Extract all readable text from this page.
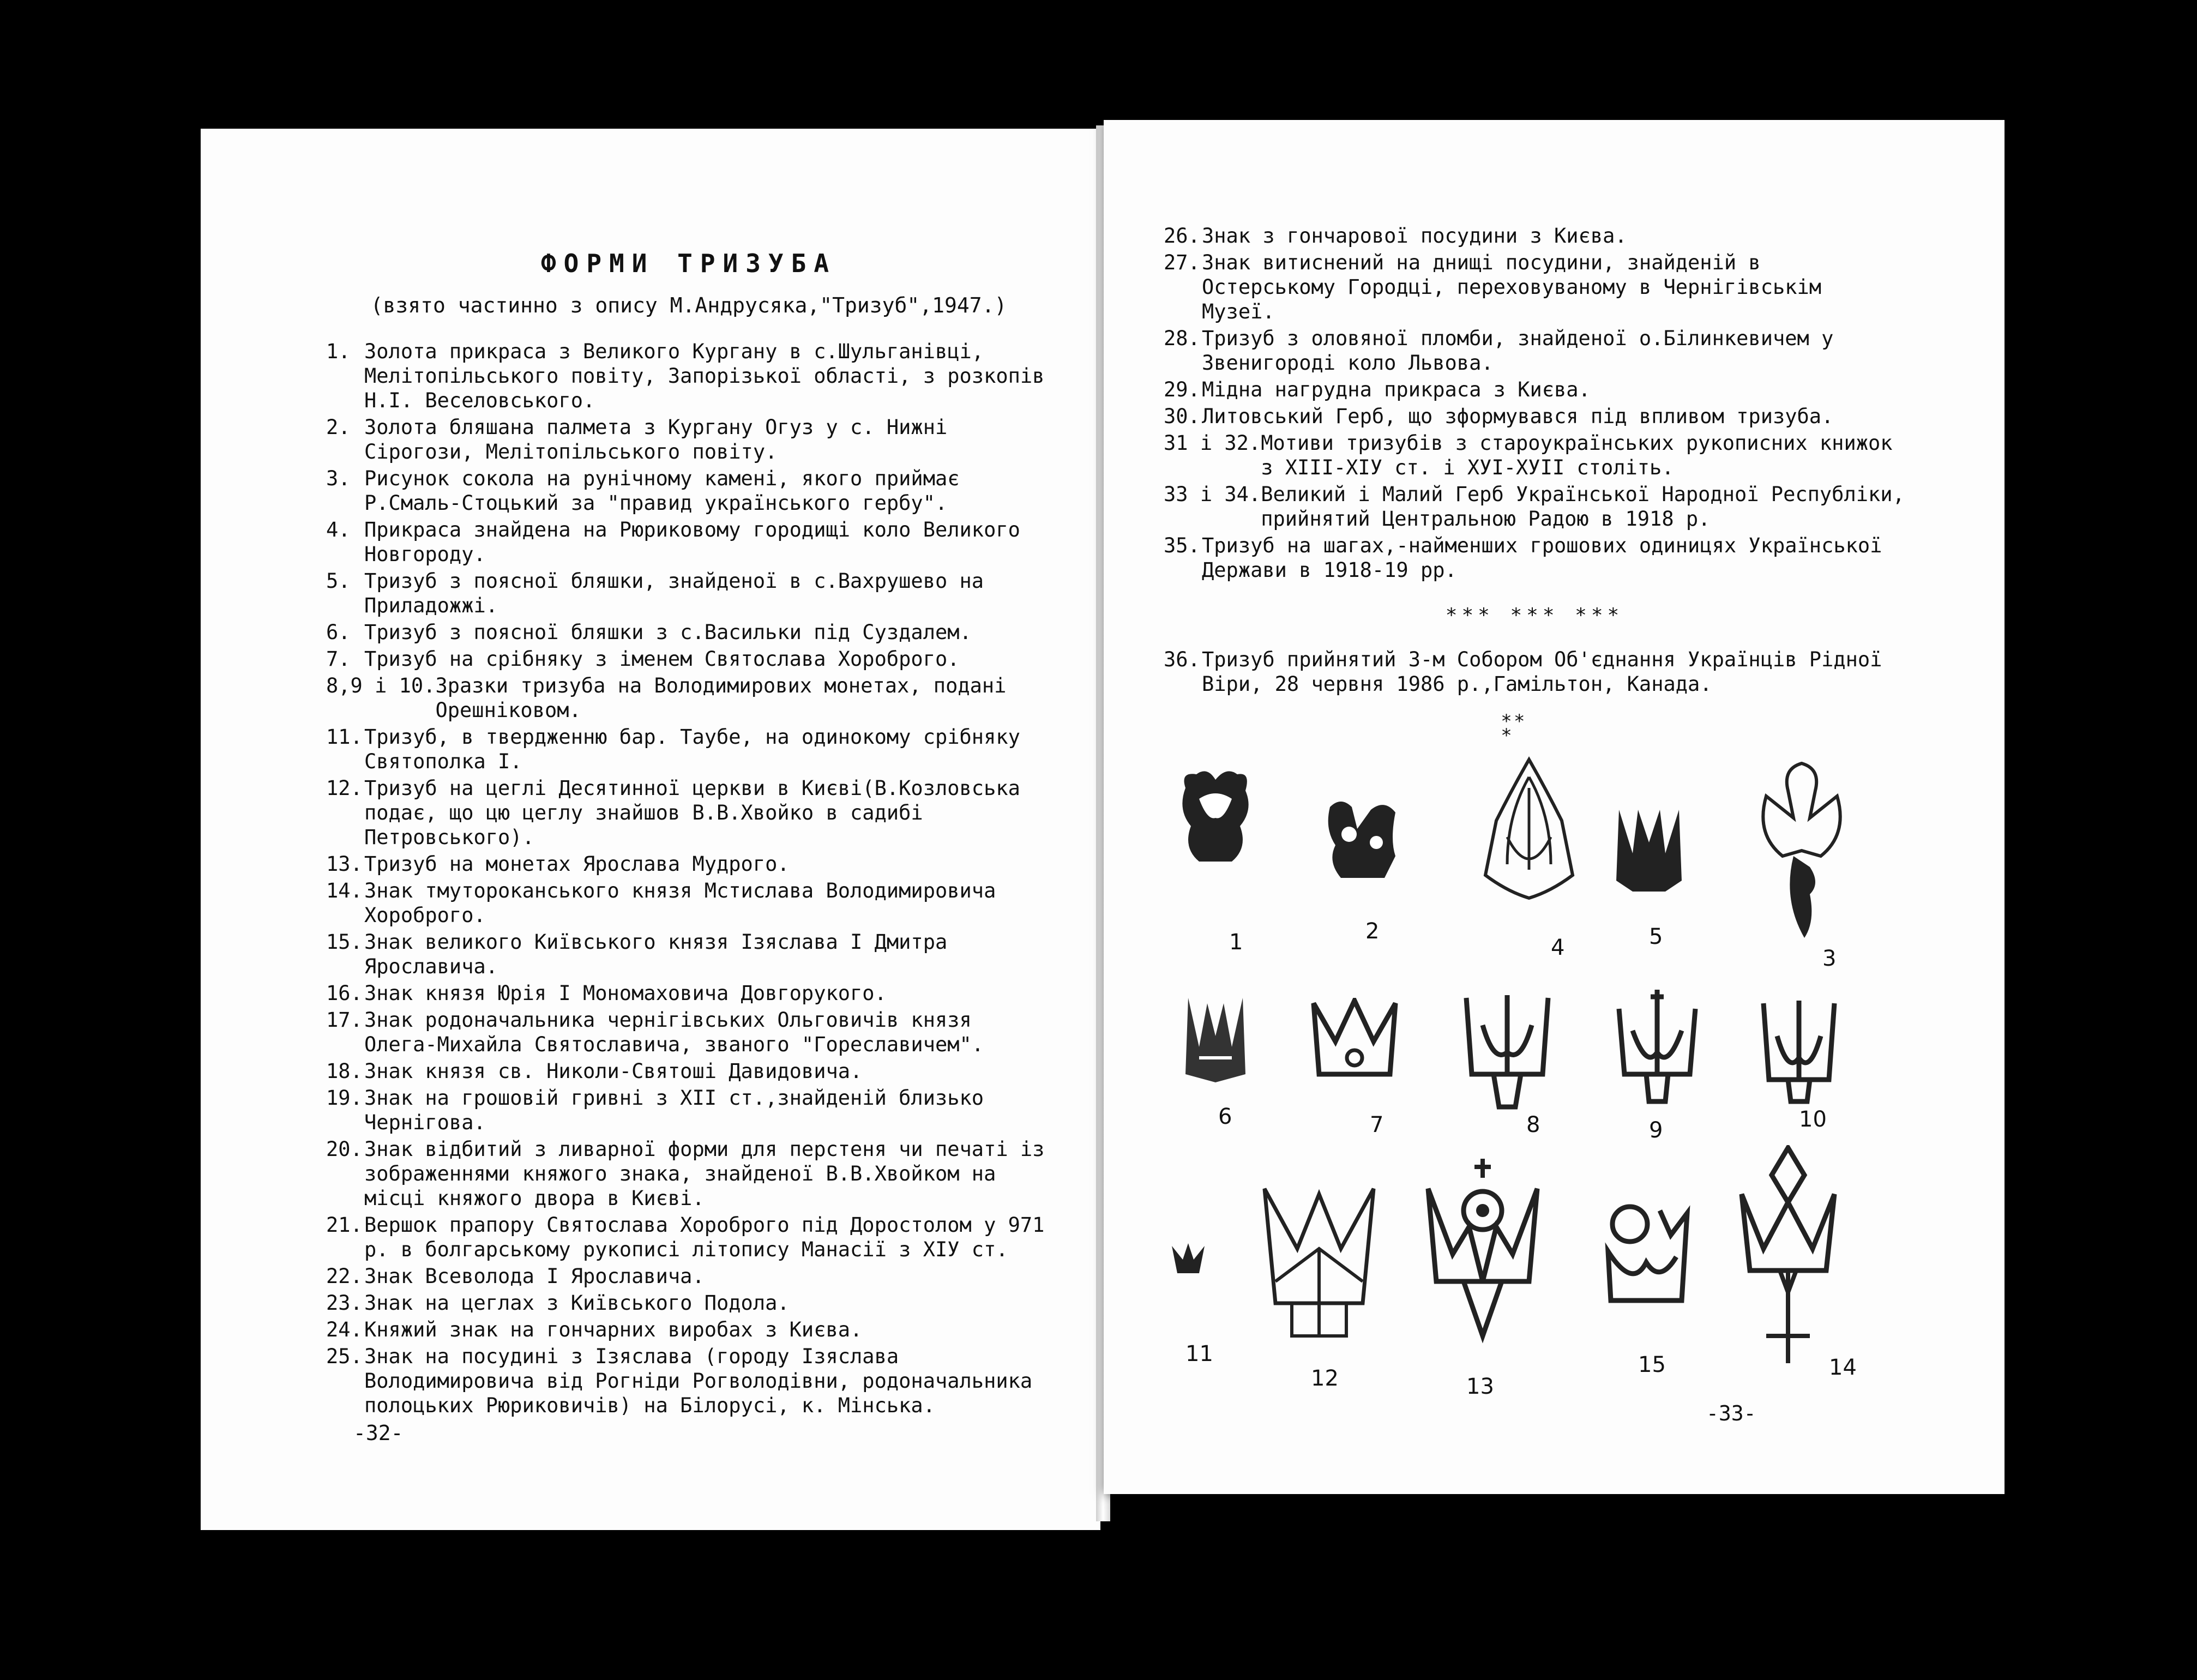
ФОРМИ ТРИЗУБА
(взято частинно з опису М.Андрусяка,"Тризуб",1947.)
1. Золота прикраса з Великого Кургану в с.Шульганівці, Мелітопільського повіту, Запорізької області, з розкопів Н.І. Веселовського.
2. Золота бляшана палмета з Кургану Огуз у с. Нижні Сірогози, Мелітопільського повіту.
3. Рисунок сокола на рунічному камені, якого приймає Р.Смаль-Стоцький за "правид українського гербу".
4. Прикраса знайдена на Рюриковому городищі коло Великого Новгороду.
5. Тризуб з поясної бляшки, знайденої в с.Вахрушево на Приладожжі.
6. Тризуб з поясної бляшки з с.Васильки під Суздалем.
7. Тризуб на срібняку з іменем Святослава Хороброго.
8,9 і 10. Зразки тризуба на Володимирових монетах, подані Орешніковом.
11. Тризуб, в твердженню бар. Таубе, на одинокому срібняку Святополка І.
12. Тризуб на цеглі Десятинної церкви в Києві(В.Козловська подає, що цю цеглу знайшов В.В.Хвойко в садибі Петровського).
13. Тризуб на монетах Ярослава Мудрого.
14. Знак тмутороканського князя Мстислава Володимировича Хороброго.
15. Знак великого Київського князя Ізяслава І Дмитра Ярославича.
16. Знак князя Юрія І Мономаховича Довгорукого.
17. Знак родоначальника чернігівських Ольговичів князя Олега-Михайла Святославича, званого "Гореславичем".
18. Знак князя св. Николи-Святоші Давидовича.
19. Знак на грошовій гривні з ХІІ ст.,знайденій близько Чернігова.
20. Знак відбитий з ливарної форми для перстеня чи печаті із зображеннями княжого знака, знайденої В.В.Хвойком на місці княжого двора в Києві.
21. Вершок прапору Святослава Хороброго під Доростолом у 971 р. в болгарському рукописі літопису Манасії з ХІУ ст.
22. Знак Всеволода І Ярославича.
23. Знак на цеглах з Київського Подола.
24. Княжий знак на гончарних виробах з Києва.
25. Знак на посудині з Ізяслава (городу Ізяслава Володимировича від Рогніди Рогволодівни, родоначальника полоцьких Рюриковичів) на Білорусі, к. Мінська.
-32-
26. Знак з гончарової посудини з Києва.
27. Знак витиснений на днищі посудини, знайденій в Остерському Городці, переховуваному в Чернігівськім Музеї.
28. Тризуб з оловяної пломби, знайденої о.Білинкевичем у Звенигороді коло Львова.
29. Мідна нагрудна прикраса з Києва.
30. Литовський Герб, що зформувався під впливом тризуба.
31 і 32. Мотиви тризубів з староукраїнських рукописних книжок з ХІІІ-ХІУ ст. і ХУІ-ХУІІ століть.
33 і 34. Великий і Малий Герб Української Народної Республіки, прийнятий Центральною Радою в 1918 р.
35. Тризуб на шагах,-найменших грошових одиницях Української Держави в 1918-19 рр.
*** *** ***
36. Тризуб прийнятий 3-м Собором Об'єднання Українців Рідної Віри, 28 червня 1986 р.,Гамільтон, Канада.
* *
*
1	2
4	5
3
6	7	8	9	10
11
12	13
15	14
-33-
